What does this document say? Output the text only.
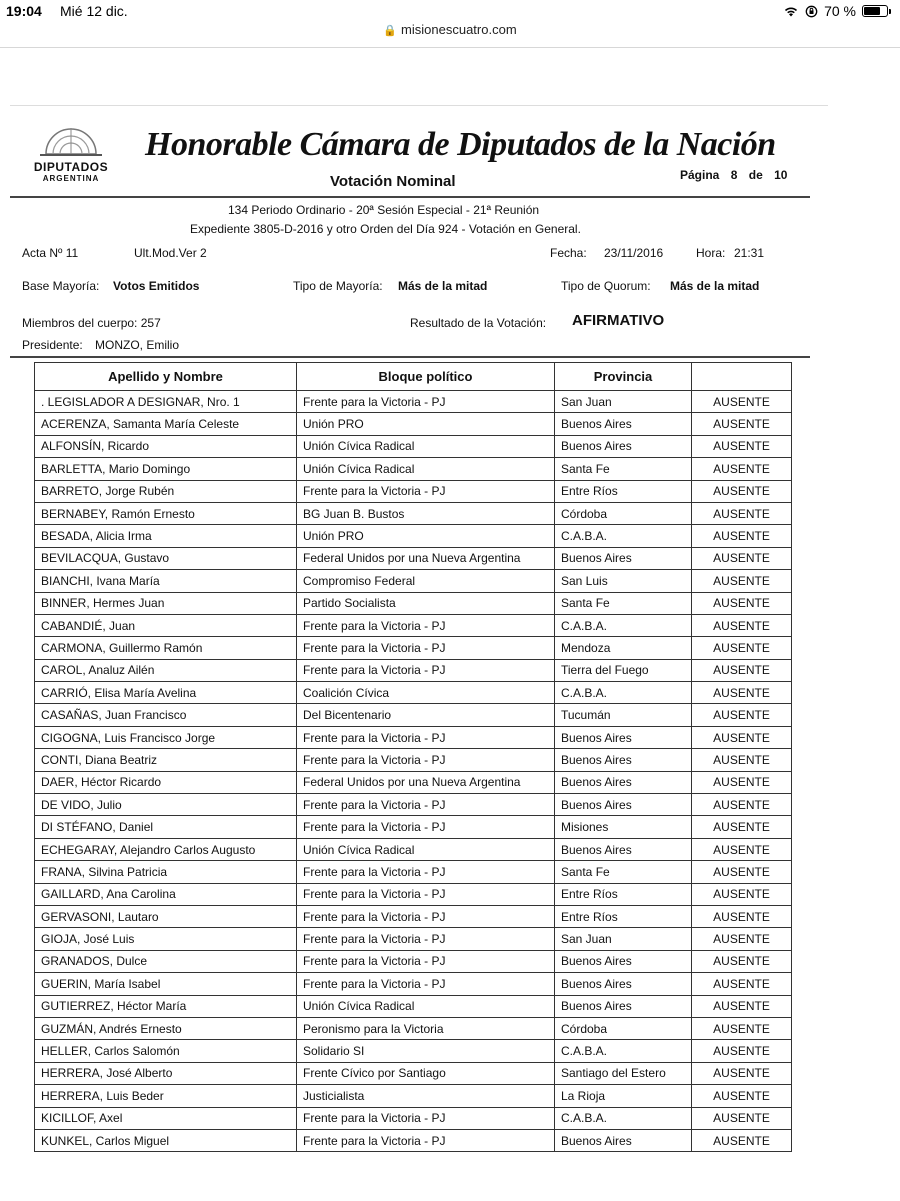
19:04 Mié 12 dic.	70 %
🔒 misionescuatro.com
DIPUTADOS
ARGENTINA
Honorable Cámara de Diputados de la Nación
Votación Nominal	Página 8 de 10
134 Periodo Ordinario - 20ª Sesión Especial - 21ª Reunión
Expediente 3805-D-2016 y otro Orden del Día 924 - Votación en General.
Acta Nº 11	Ult.Mod.Ver 2	Fecha: 23/11/2016	Hora: 21:31
Base Mayoría: Votos Emitidos	Tipo de Mayoría: Más de la mitad	Tipo de Quorum: Más de la mitad
Miembros del cuerpo: 257	Resultado de la Votación: AFIRMATIVO
Presidente: MONZO, Emilio
Apellido y Nombre	Bloque político	Provincia	
. LEGISLADOR A DESIGNAR, Nro. 1	Frente para la Victoria - PJ	San Juan	AUSENTE
ACERENZA, Samanta María Celeste	Unión PRO	Buenos Aires	AUSENTE
ALFONSÍN, Ricardo	Unión Cívica Radical	Buenos Aires	AUSENTE
BARLETTA, Mario Domingo	Unión Cívica Radical	Santa Fe	AUSENTE
BARRETO, Jorge Rubén	Frente para la Victoria - PJ	Entre Ríos	AUSENTE
BERNABEY, Ramón Ernesto	BG Juan B. Bustos	Córdoba	AUSENTE
BESADA, Alicia Irma	Unión PRO	C.A.B.A.	AUSENTE
BEVILACQUA, Gustavo	Federal Unidos por una Nueva Argentina	Buenos Aires	AUSENTE
BIANCHI, Ivana María	Compromiso Federal	San Luis	AUSENTE
BINNER, Hermes Juan	Partido Socialista	Santa Fe	AUSENTE
CABANDIÉ, Juan	Frente para la Victoria - PJ	C.A.B.A.	AUSENTE
CARMONA, Guillermo Ramón	Frente para la Victoria - PJ	Mendoza	AUSENTE
CAROL, Analuz Ailén	Frente para la Victoria - PJ	Tierra del Fuego	AUSENTE
CARRIÓ, Elisa María Avelina	Coalición Cívica	C.A.B.A.	AUSENTE
CASAÑAS, Juan Francisco	Del Bicentenario	Tucumán	AUSENTE
CIGOGNA, Luis Francisco Jorge	Frente para la Victoria - PJ	Buenos Aires	AUSENTE
CONTI, Diana Beatriz	Frente para la Victoria - PJ	Buenos Aires	AUSENTE
DAER, Héctor Ricardo	Federal Unidos por una Nueva Argentina	Buenos Aires	AUSENTE
DE VIDO, Julio	Frente para la Victoria - PJ	Buenos Aires	AUSENTE
DI STÉFANO, Daniel	Frente para la Victoria - PJ	Misiones	AUSENTE
ECHEGARAY, Alejandro Carlos Augusto	Unión Cívica Radical	Buenos Aires	AUSENTE
FRANA, Silvina Patricia	Frente para la Victoria - PJ	Santa Fe	AUSENTE
GAILLARD, Ana Carolina	Frente para la Victoria - PJ	Entre Ríos	AUSENTE
GERVASONI, Lautaro	Frente para la Victoria - PJ	Entre Ríos	AUSENTE
GIOJA, José Luis	Frente para la Victoria - PJ	San Juan	AUSENTE
GRANADOS, Dulce	Frente para la Victoria - PJ	Buenos Aires	AUSENTE
GUERIN, María Isabel	Frente para la Victoria - PJ	Buenos Aires	AUSENTE
GUTIERREZ, Héctor María	Unión Cívica Radical	Buenos Aires	AUSENTE
GUZMÁN, Andrés Ernesto	Peronismo para la Victoria	Córdoba	AUSENTE
HELLER, Carlos Salomón	Solidario SI	C.A.B.A.	AUSENTE
HERRERA, José Alberto	Frente Cívico por Santiago	Santiago del Estero	AUSENTE
HERRERA, Luis Beder	Justicialista	La Rioja	AUSENTE
KICILLOF, Axel	Frente para la Victoria - PJ	C.A.B.A.	AUSENTE
KUNKEL, Carlos Miguel	Frente para la Victoria - PJ	Buenos Aires	AUSENTE
